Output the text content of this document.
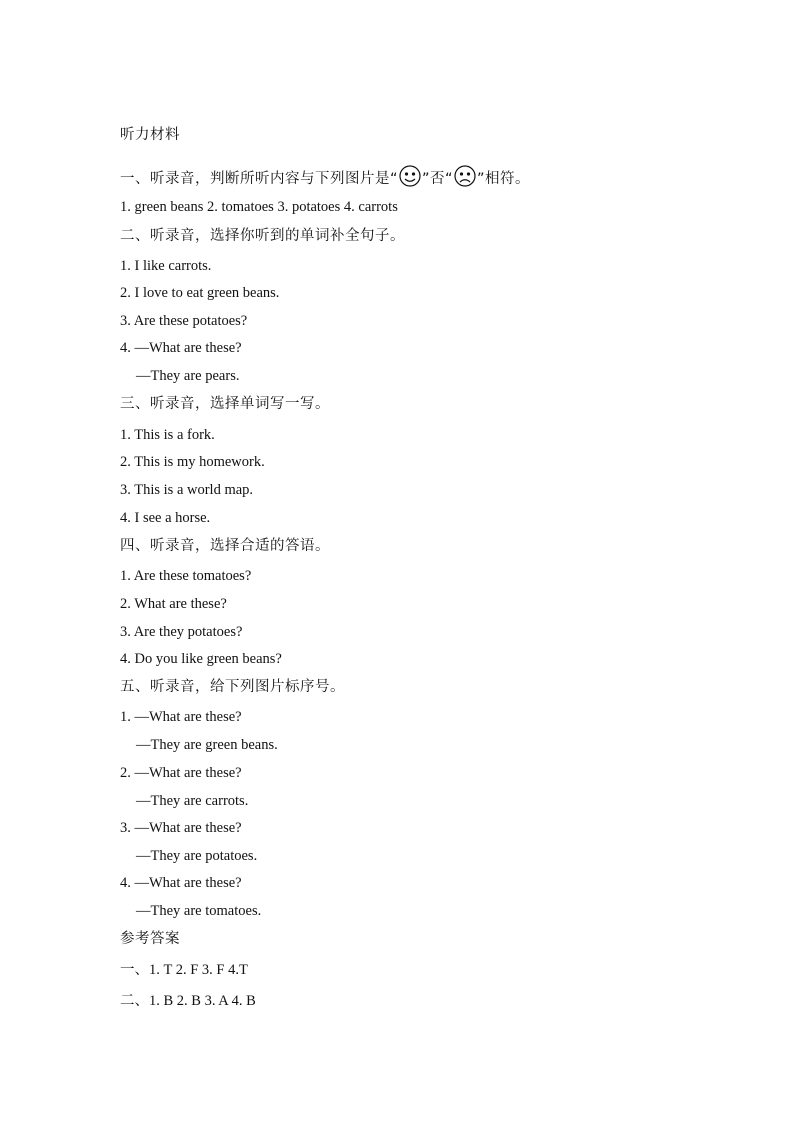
听力材料
一、听录音，判断所听内容与下列图片是“ ”否“ ”相符。
1. green beans 2. tomatoes 3. potatoes 4. carrots
二、听录音，选择你听到的单词补全句子。
1. I like carrots.
2. I love to eat green beans.
3. Are these potatoes?
4. —What are these?
—They are pears.
三、听录音，选择单词写一写。
1. This is a fork.
2. This is my homework.
3. This is a world map.
4. I see a horse.
四、听录音，选择合适的答语。
1. Are these tomatoes?
2. What are these?
3. Are they potatoes?
4. Do you like green beans?
五、听录音，给下列图片标序号。
1. —What are these?
—They are green beans.
2. —What are these?
—They are carrots.
3. —What are these?
—They are potatoes.
4. —What are these?
—They are tomatoes.
参考答案
一、1. T 2. F 3. F 4.T
二、1. B 2. B 3. A 4. B
